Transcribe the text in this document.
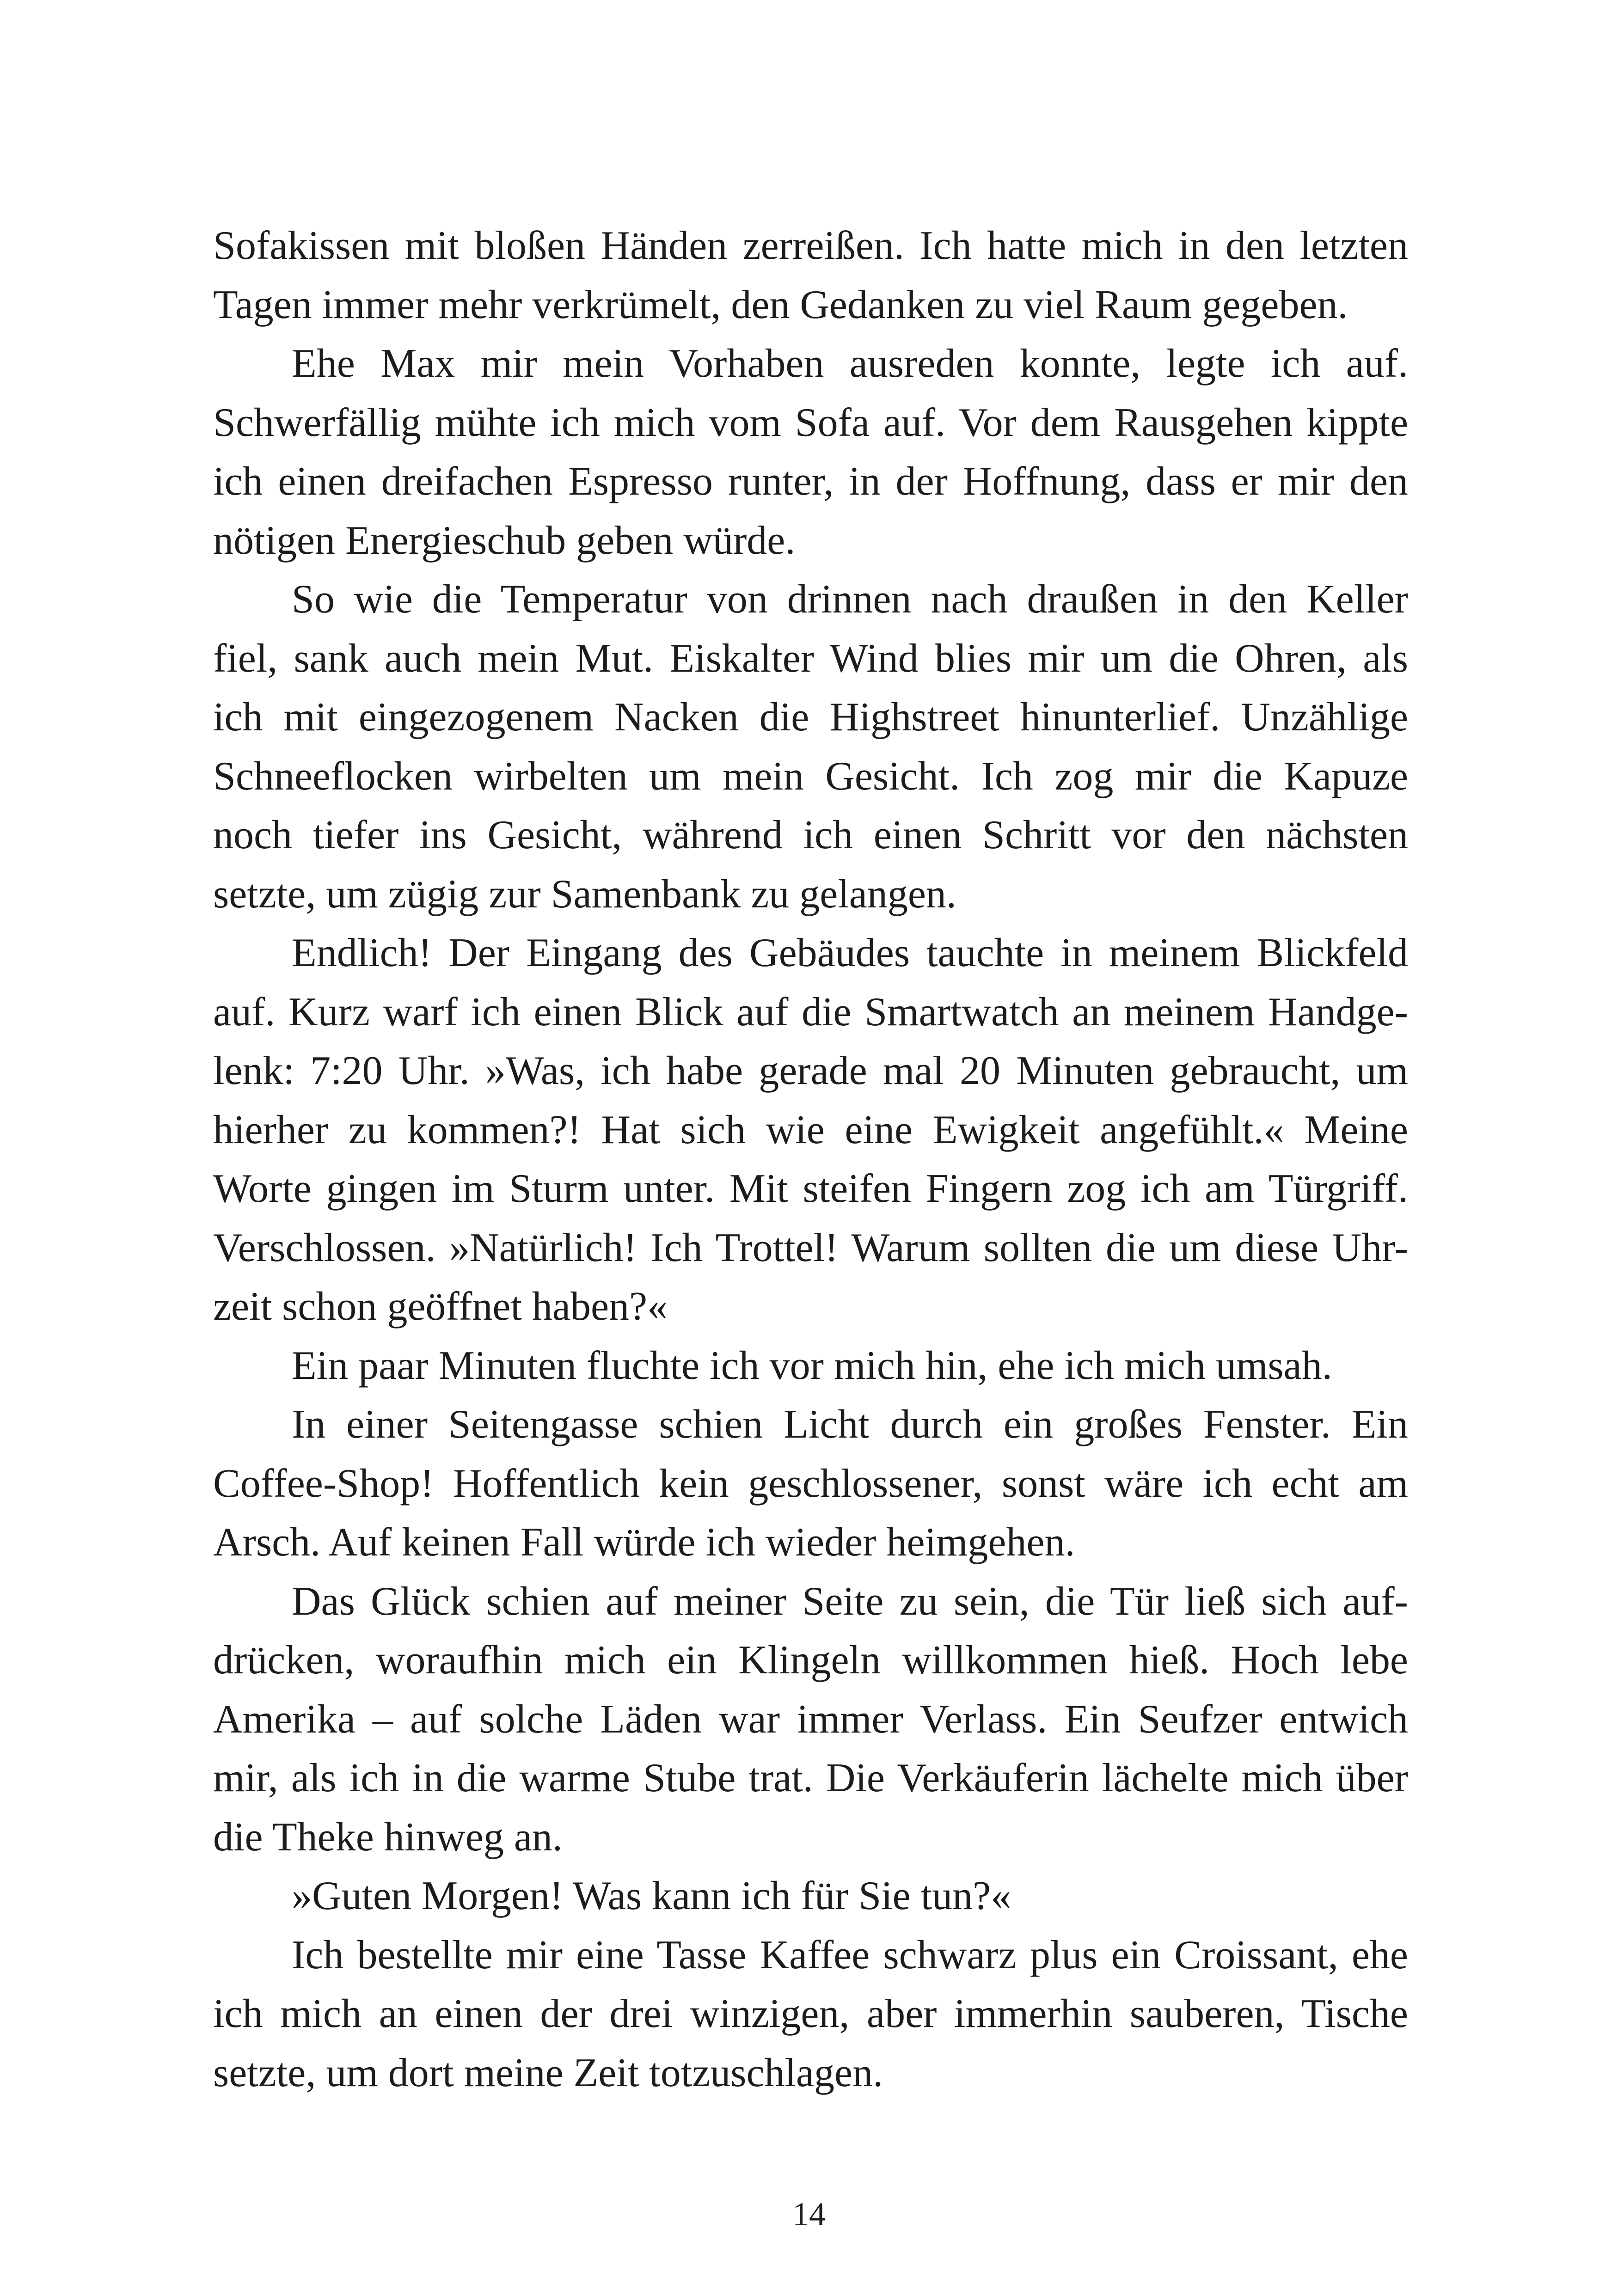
Sofakissen mit bloßen Händen zerreißen. Ich hatte mich in den letzten
Tagen immer mehr verkrümelt, den Gedanken zu viel Raum gegeben.

Ehe Max mir mein Vorhaben ausreden konnte, legte ich auf.
Schwerfällig mühte ich mich vom Sofa auf. Vor dem Rausgehen kippte
ich einen dreifachen Espresso runter, in der Hoffnung, dass er mir den
nötigen Energieschub geben würde.

So wie die Temperatur von drinnen nach draußen in den Keller
fiel, sank auch mein Mut. Eiskalter Wind blies mir um die Ohren, als
ich mit eingezogenem Nacken die Highstreet hinunterlief. Unzählige
Schneeflocken wirbelten um mein Gesicht. Ich zog mir die Kapuze
noch tiefer ins Gesicht, während ich einen Schritt vor den nächsten
setzte, um zügig zur Samenbank zu gelangen.

Endlich! Der Eingang des Gebäudes tauchte in meinem Blickfeld
auf. Kurz warf ich einen Blick auf die Smartwatch an meinem Handge-
lenk: 7:20 Uhr. »Was, ich habe gerade mal 20 Minuten gebraucht, um
hierher zu kommen?! Hat sich wie eine Ewigkeit angefühlt.« Meine
Worte gingen im Sturm unter. Mit steifen Fingern zog ich am Türgriff.
Verschlossen. »Natürlich! Ich Trottel! Warum sollten die um diese Uhr-
zeit schon geöffnet haben?«

Ein paar Minuten fluchte ich vor mich hin, ehe ich mich umsah.

In einer Seitengasse schien Licht durch ein großes Fenster. Ein
Coffee-Shop! Hoffentlich kein geschlossener, sonst wäre ich echt am
Arsch. Auf keinen Fall würde ich wieder heimgehen.

Das Glück schien auf meiner Seite zu sein, die Tür ließ sich auf-
drücken, woraufhin mich ein Klingeln willkommen hieß. Hoch lebe
Amerika – auf solche Läden war immer Verlass. Ein Seufzer entwich
mir, als ich in die warme Stube trat. Die Verkäuferin lächelte mich über
die Theke hinweg an.

»Guten Morgen! Was kann ich für Sie tun?«

Ich bestellte mir eine Tasse Kaffee schwarz plus ein Croissant, ehe
ich mich an einen der drei winzigen, aber immerhin sauberen, Tische
setzte, um dort meine Zeit totzuschlagen.

14
